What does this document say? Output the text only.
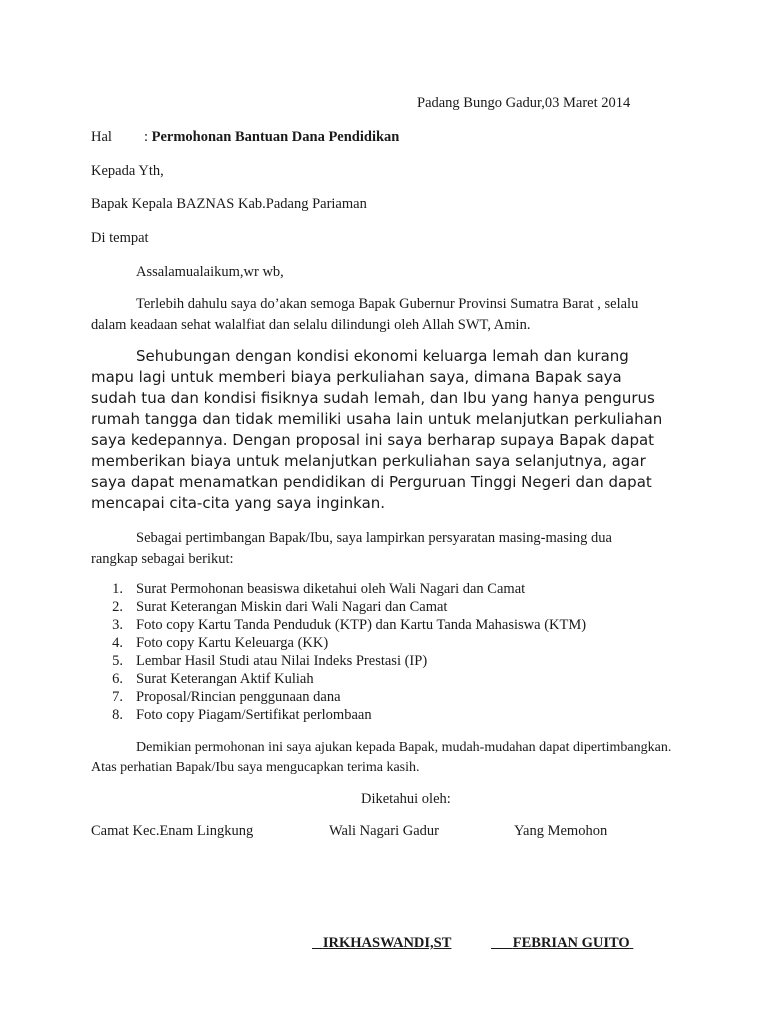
Padang Bungo Gadur,03 Maret 2014
Hal : Permohonan Bantuan Dana Pendidikan
Kepada Yth,
Bapak Kepala BAZNAS Kab.Padang Pariaman
Di tempat
Assalamualaikum,wr wb,
Terlebih dahulu saya do’akan semoga Bapak Gubernur Provinsi Sumatra Barat , selalu dalam keadaan sehat walalfiat dan selalu dilindungi oleh Allah SWT, Amin.
Sehubungan dengan kondisi ekonomi keluarga lemah dan kurang mapu lagi untuk memberi biaya perkuliahan saya, dimana Bapak saya sudah tua dan kondisi fisiknya sudah lemah, dan Ibu yang hanya pengurus rumah tangga dan tidak memiliki usaha lain untuk melanjutkan perkuliahan saya kedepannya. Dengan proposal ini saya berharap supaya Bapak dapat memberikan biaya untuk melanjutkan perkuliahan saya selanjutnya, agar saya dapat menamatkan pendidikan di Perguruan Tinggi Negeri dan dapat mencapai cita-cita yang saya inginkan.
Sebagai pertimbangan Bapak/Ibu, saya lampirkan persyaratan masing-masing dua rangkap sebagai berikut:
1. Surat Permohonan beasiswa diketahui oleh Wali Nagari dan Camat
2. Surat Keterangan Miskin dari Wali Nagari dan Camat
3. Foto copy Kartu Tanda Penduduk (KTP) dan Kartu Tanda Mahasiswa (KTM)
4. Foto copy Kartu Keleuarga (KK)
5. Lembar Hasil Studi atau Nilai Indeks Prestasi (IP)
6. Surat Keterangan Aktif Kuliah
7. Proposal/Rincian penggunaan dana
8. Foto copy Piagam/Sertifikat perlombaan
Demikian permohonan ini saya ajukan kepada Bapak, mudah-mudahan dapat dipertimbangkan. Atas perhatian Bapak/Ibu saya mengucapkan terima kasih.
Diketahui oleh:
Camat Kec.Enam Lingkung	Wali Nagari Gadur	Yang Memohon
IRKHASWANDI,ST	FEBRIAN GUITO
